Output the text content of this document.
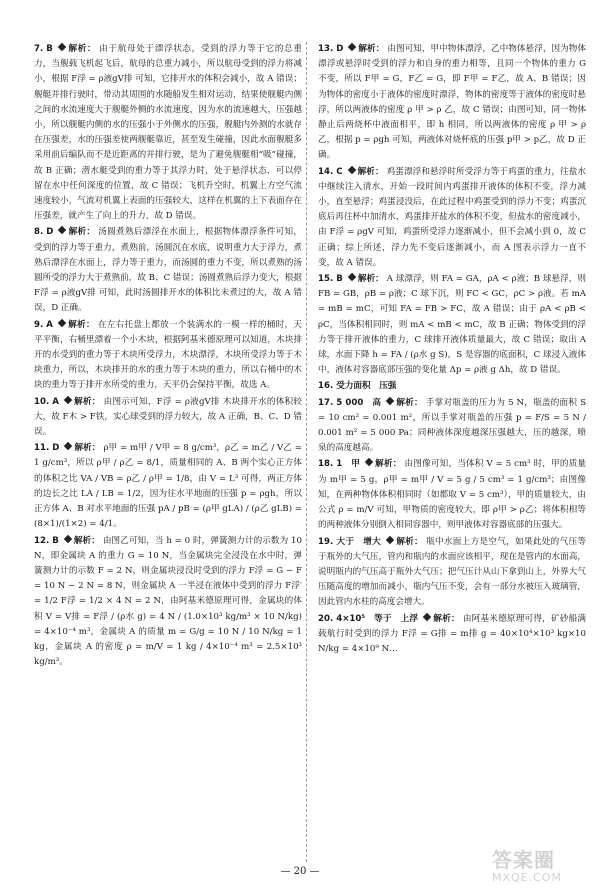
7. B 解析： 由于航母处于漂浮状态，受到的浮力等于它的总重力，当舰载飞机起飞后，航母的总重力减小，所以航母受到的浮力将减小，根据 F浮 = ρ液gV排 可知，它排开水的体积会减小，故 A 错误；舰艇并排行驶时，带动其周围的水随船发生相对运动，结果使舰艇内侧之间的水流速度大于舰艇外侧的水流速度，因为水的流速越大，压强越小，所以舰艇内侧的水的压强小于外侧水的压强，舰艇内外测的水就存在压强差，水的压强差使两舰艇靠近，甚至发生碰撞，因此水面舰艇多采用前后编队而不是近距离的并排行驶，是为了避免舰艇相“吸”碰撞，故 B 正确；潜水艇受到的重力等于其浮力时，处于悬浮状态，可以停留在水中任何深度的位置，故 C 错误；飞机升空时，机翼上方空气流速度较小，气流对机翼上表面的压强较大，这样在机翼的上下表面存在压强差，就产生了向上的升力，故 D 错误。
8. D 解析： 汤圆煮熟后漂浮在水面上，根据物体漂浮条件可知，受到的浮力等于重力，煮熟前，汤圆沉在水底，说明重力大于浮力，煮熟后漂浮在水面上，浮力等于重力，而汤圆的重力不变，所以煮熟的汤圆所受的浮力大于煮熟前，故 B、C 错误；汤圆煮熟后浮力变大，根据 F浮 = ρ液gV排 可知，此时汤圆排开水的体积比未煮过的大，故 A 错误，D 正确。
9. A 解析： 在左右托盘上都放一个装满水的一模一样的桶时，天平平衡，右桶里漂着一个小木块，根据阿基米德原理可以知道，木块排开的水受到的重力等于木块所受浮力，木块漂浮，木块所受浮力等于木块重力，所以，木块排开的水的重力等于木块的重力，所以右桶中的木块的重力等于排开水所受的重力，天平仍会保持平衡，故选 A。
10. A 解析： 由图示可知，F浮 = ρ液gV排 木块排开水的体积较大，故 F木 > F铁，实心球受到的浮力较大，故 A 正确，B、C、D 错误。
11. D 解析： ρ甲 = m甲 / V甲 = 8 g/cm³，ρ乙 = m乙 / V乙 = 1 g/cm³，所以 ρ甲 / ρ乙 = 8/1，质量相同的 A、B 两个实心正方体的体积之比 VA / VB = ρ乙 / ρ甲 = 1/8，由 V = L³ 可得，两正方体的边长之比 LA / LB = 1/2，因为往水平地面的压强 p = ρgh，所以正方体 A、B 对水平地面的压强 pA / pB = (ρ甲 gLA) / (ρ乙 gLB) = (8×1)/(1×2) = 4/1。
12. B 解析： 由图乙可知，当 h = 0 时，弹簧测力计的示数为 10 N，即金属块 A 的重力 G = 10 N，当金属块完全浸没在水中时，弹簧测力计的示数 F = 2 N，则金属块浸没时受到的浮力 F浮 = G − F = 10 N − 2 N = 8 N，则金属块 A 一半浸在液体中受到的浮力 F浮′ = 1/2 F浮 = 1/2 × 4 N = 2 N，由阿基米德原理可得，金属块的体积 V = V排 = F浮 / (ρ水 g) = 4 N / (1.0×10³ kg/m³ × 10 N/kg) = 4×10⁻⁴ m³，金属块 A 的质量 m = G/g = 10 N / 10 N/kg = 1 kg，金属块 A 的密度 ρ = m/V = 1 kg / 4×10⁻⁴ m³ = 2.5×10³ kg/m³。
13. D 解析： 由图可知，甲中物体漂浮，乙中物体悬浮，因为物体漂浮或悬浮时受到的浮力和自身的重力相等，且同一个物体的重力 G 不变，所以 F甲 = G，F乙 = G，即 F甲 = F乙，故 A、B 错误；因为物体的密度小于液体的密度时漂浮，物体的密度等于液体的密度时悬浮，所以两液体的密度 ρ 甲 > ρ 乙，故 C 错误；由图可知，同一物体静止后两烧杯中液面相平，即 h 相同，所以两液体的密度 ρ 甲 > ρ 乙，根据 p = ρgh 可知，两液体对烧杯底的压强 p甲 > p乙，故 D 正确。
14. C 解析： 鸡蛋漂浮和悬浮时所受浮力等于鸡蛋的重力，往盐水中继续注入清水，开始一段时间内鸡蛋排开液体的体积不变，浮力减小，直至悬浮；鸡蛋浸没后，在此过程中鸡蛋受到的浮力不变；鸡蛋沉底后再往杯中加清水，鸡蛋排开盐水的体积不变，但盐水的密度减小，由 F浮 = ρgV 可知，鸡蛋所受浮力逐渐减小，但不会减小到 0，故 C 正确；综上所述，浮力先不变后逐渐减小，而 A 图表示浮力一直不变，故 A 错误。
15. B 解析： A 球漂浮，则 FA = GA，ρA < ρ液；B 球悬浮，则 FB = GB，ρB = ρ液；C 球下沉，则 FC < GC，ρC > ρ液。若 mA = mB = mC，可知 FA = FB > FC，故 A 错误；由于 ρA < ρB < ρC，当体积相同时，则 mA < mB < mC，故 B 正确；物体受到的浮力等于排开液体的重力，C 球排开液体质量最大，故 C 错误；取出 A 球，水面下降 h = FA / (ρ水 g S)，S 是容器的底面积，C 球浸入液体中，液体对容器底部压强的变化量 Δp = ρ液 g Δh，故 D 错误。
16. 受力面积　压强
17. 5 000　高 解析： 手掌对瓶盖的压力为 5 N，瓶盖的面积 S = 10 cm² = 0.001 m²，所以手掌对瓶盖的压强 p = F/S = 5 N / 0.001 m² = 5 000 Pa；同种液体深度越深压强越大，压的越深，喷泉的高度越高。
18. 1　甲 解析： 由图像可知，当体积 V = 5 cm³ 时，甲的质量为 m甲 = 5 g，ρ甲 = m甲 / V = 5 g / 5 cm³ = 1 g/cm³；由图像知，在两种物体体积相同时（如都取 V = 5 cm³），甲的质量较大，由公式 ρ = m/V 可知，甲物质的密度较大，即 ρ甲 > ρ乙；将体积相等的两种液体分别倒入相同容器中，则甲液体对容器底部的压强大。
19. 大于　增大 解析： 瓶中水面上方是空气，如果此处的气压等于瓶外的大气压，管内和瓶内的水面应该相平，现在是管内的水面高，说明瓶内的气压高于瓶外大气压；把气压计从山下拿到山上，外界大气压随高度的增加而减小，瓶内气压不变，会有一部分水被压入玻璃管，因此管内水柱的高度会增大。
20. 4×10⁵　等于　上浮 解析： 由阿基米德原理可得，矿砂船满载航行时受到的浮力 F浮 = G排 = m排 g = 40×10⁴×10³ kg×10 N/kg = 4×10⁹ N…
— 20 —	答案圈
MXQE.COM
